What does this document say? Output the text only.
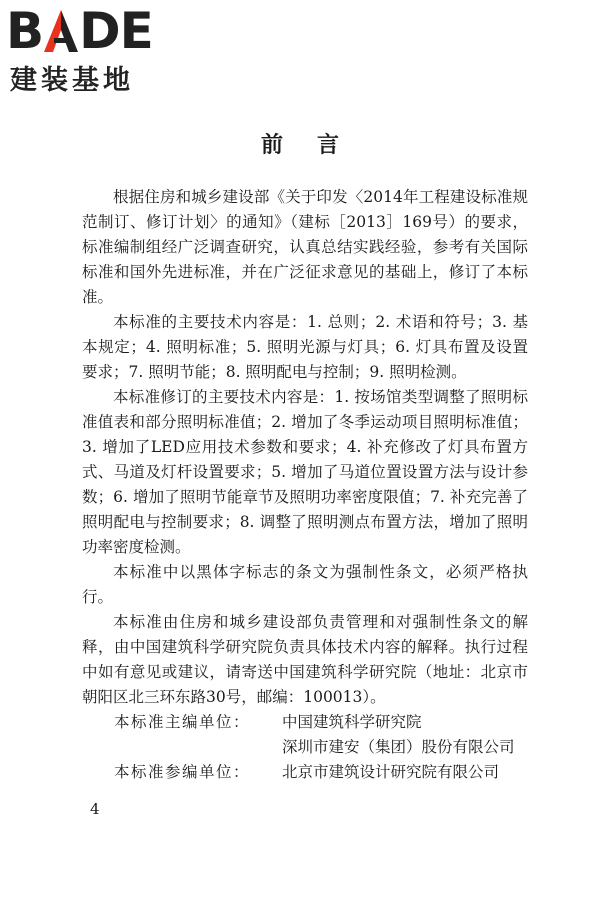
B DE
建装基地
前言

根据住房和城乡建设部《关于印发〈2014年工程建设标准规范制订、修订计划〉的通知》（建标［2013］169号）的要求，标准编制组经广泛调查研究，认真总结实践经验，参考有关国际标准和国外先进标准，并在广泛征求意见的基础上，修订了本标准。

本标准的主要技术内容是：1. 总则；2. 术语和符号；3. 基本规定；4. 照明标准；5. 照明光源与灯具；6. 灯具布置及设置要求；7. 照明节能；8. 照明配电与控制；9. 照明检测。

本标准修订的主要技术内容是：1. 按场馆类型调整了照明标准值表和部分照明标准值；2. 增加了冬季运动项目照明标准值；3. 增加了LED应用技术参数和要求；4. 补充修改了灯具布置方式、马道及灯杆设置要求；5. 增加了马道位置设置方法与设计参数；6. 增加了照明节能章节及照明功率密度限值；7. 补充完善了照明配电与控制要求；8. 调整了照明测点布置方法，增加了照明功率密度检测。

本标准中以黑体字标志的条文为强制性条文，必须严格执行。

本标准由住房和城乡建设部负责管理和对强制性条文的解释，由中国建筑科学研究院负责具体技术内容的解释。执行过程中如有意见或建议，请寄送中国建筑科学研究院（地址：北京市朝阳区北三环东路30号，邮编：100013）。

本标准主编单位：	中国建筑科学研究院
深圳市建安（集团）股份有限公司
本标准参编单位：	北京市建筑设计研究院有限公司
4
